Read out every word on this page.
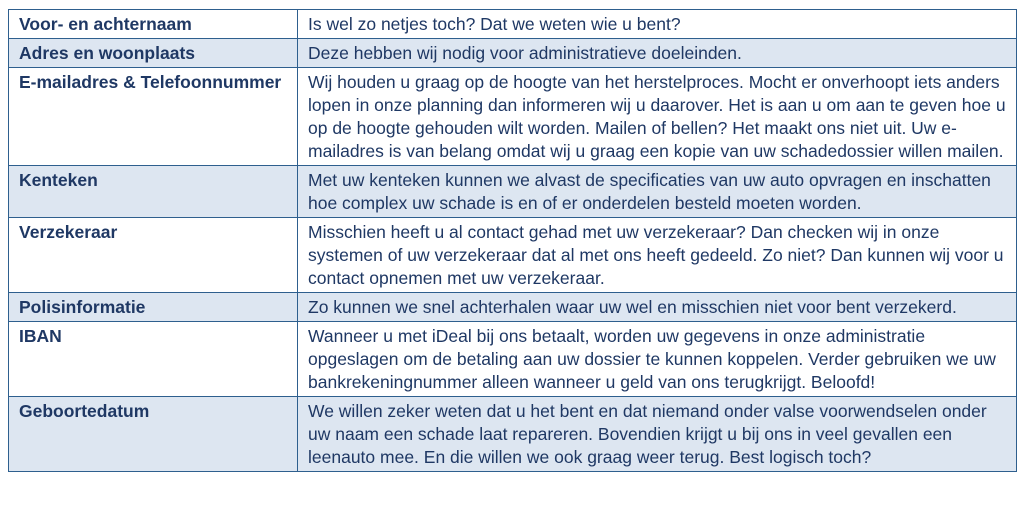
Voor- en achternaam	Is wel zo netjes toch? Dat we weten wie u bent?
Adres en woonplaats	Deze hebben wij nodig voor administratieve doeleinden.
E-mailadres & Telefoonnummer	Wij houden u graag op de hoogte van het herstelproces. Mocht er onverhoopt iets anders lopen in onze planning dan informeren wij u daarover. Het is aan u om aan te geven hoe u op de hoogte gehouden wilt worden. Mailen of bellen? Het maakt ons niet uit. Uw e-mailadres is van belang omdat wij u graag een kopie van uw schadedossier willen mailen.
Kenteken	Met uw kenteken kunnen we alvast de specificaties van uw auto opvragen en inschatten hoe complex uw schade is en of er onderdelen besteld moeten worden.
Verzekeraar	Misschien heeft u al contact gehad met uw verzekeraar? Dan checken wij in onze systemen of uw verzekeraar dat al met ons heeft gedeeld. Zo niet? Dan kunnen wij voor u contact opnemen met uw verzekeraar.
Polisinformatie	Zo kunnen we snel achterhalen waar uw wel en misschien niet voor bent verzekerd.
IBAN	Wanneer u met iDeal bij ons betaalt, worden uw gegevens in onze administratie opgeslagen om de betaling aan uw dossier te kunnen koppelen. Verder gebruiken we uw bankrekeningnummer alleen wanneer u geld van ons terugkrijgt. Beloofd!
Geboortedatum	We willen zeker weten dat u het bent en dat niemand onder valse voorwendselen onder uw naam een schade laat repareren. Bovendien krijgt u bij ons in veel gevallen een leenauto mee. En die willen we ook graag weer terug. Best logisch toch?
